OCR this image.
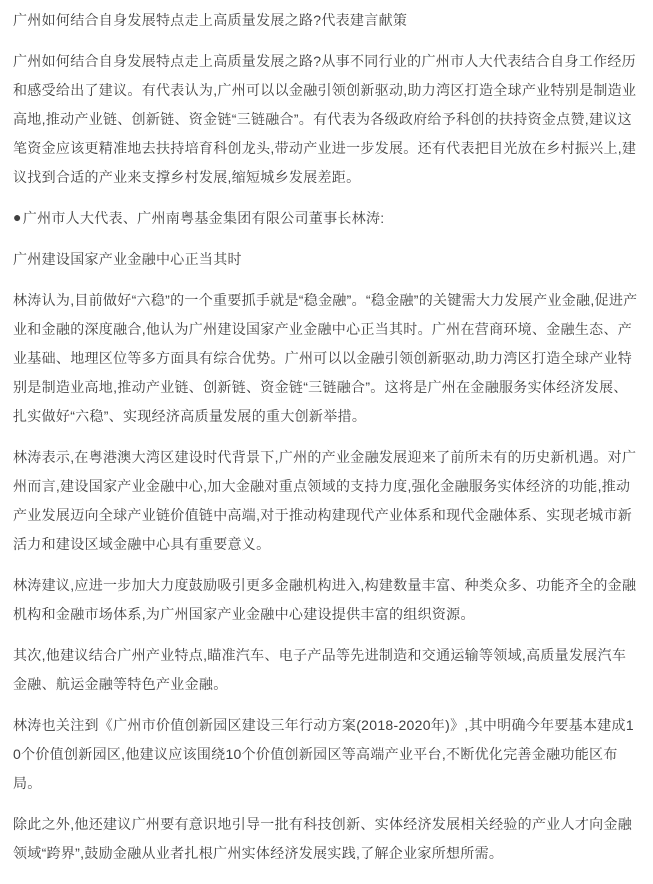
广州如何结合自身发展特点走上高质量发展之路?代表建言献策

广州如何结合自身发展特点走上高质量发展之路?从事不同行业的广州市人大代表结合自身工作经历和感受给出了建议。有代表认为,广州可以以金融引领创新驱动,助力湾区打造全球产业特别是制造业高地,推动产业链、创新链、资金链“三链融合”。有代表为各级政府给予科创的扶持资金点赞,建议这笔资金应该更精准地去扶持培育科创龙头,带动产业进一步发展。还有代表把目光放在乡村振兴上,建议找到合适的产业来支撑乡村发展,缩短城乡发展差距。

●广州市人大代表、广州南粤基金集团有限公司董事长林涛:

广州建设国家产业金融中心正当其时

林涛认为,目前做好“六稳”的一个重要抓手就是“稳金融”。“稳金融”的关键需大力发展产业金融,促进产业和金融的深度融合,他认为广州建设国家产业金融中心正当其时。广州在营商环境、金融生态、产业基础、地理区位等多方面具有综合优势。广州可以以金融引领创新驱动,助力湾区打造全球产业特别是制造业高地,推动产业链、创新链、资金链“三链融合”。这将是广州在金融服务实体经济发展、扎实做好“六稳”、实现经济高质量发展的重大创新举措。

林涛表示,在粤港澳大湾区建设时代背景下,广州的产业金融发展迎来了前所未有的历史新机遇。对广州而言,建设国家产业金融中心,加大金融对重点领域的支持力度,强化金融服务实体经济的功能,推动产业发展迈向全球产业链价值链中高端,对于推动构建现代产业体系和现代金融体系、实现老城市新活力和建设区域金融中心具有重要意义。

林涛建议,应进一步加大力度鼓励吸引更多金融机构进入,构建数量丰富、种类众多、功能齐全的金融机构和金融市场体系,为广州国家产业金融中心建设提供丰富的组织资源。

其次,他建议结合广州产业特点,瞄准汽车、电子产品等先进制造和交通运输等领域,高质量发展汽车金融、航运金融等特色产业金融。

林涛也关注到《广州市价值创新园区建设三年行动方案(2018-2020年)》,其中明确今年要基本建成10个价值创新园区,他建议应该围绕10个价值创新园区等高端产业平台,不断优化完善金融功能区布局。

除此之外,他还建议广州要有意识地引导一批有科技创新、实体经济发展相关经验的产业人才向金融领域“跨界”,鼓励金融从业者扎根广州实体经济发展实践,了解企业家所想所需。
